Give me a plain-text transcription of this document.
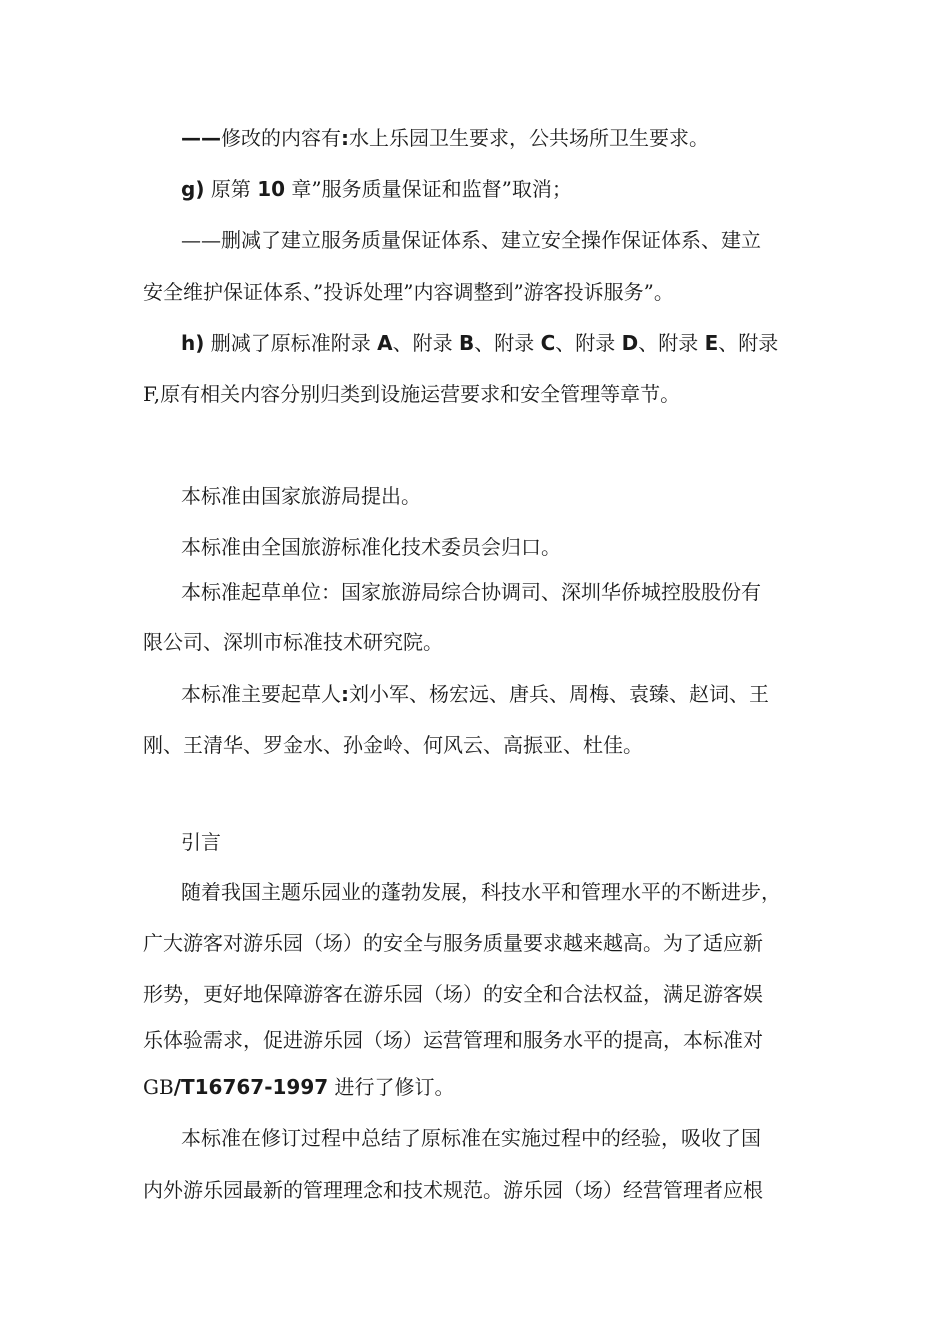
——修改的内容有:水上乐园卫生要求，公共场所卫生要求。

g) 原第 10 章”服务质量保证和监督”取消；

——删减了建立服务质量保证体系、建立安全操作保证体系、建立

安全维护保证体系、”投诉处理”内容调整到”游客投诉服务”。

h) 删减了原标准附录 A、附录 B、附录 C、附录 D、附录 E、附录

F,原有相关内容分别归类到设施运营要求和安全管理等章节。

本标准由国家旅游局提出。

本标准由全国旅游标准化技术委员会归口。

本标准起草单位：国家旅游局综合协调司、深圳华侨城控股股份有

限公司、深圳市标准技术研究院。

本标准主要起草人:刘小军、杨宏远、唐兵、周梅、袁臻、赵词、王

刚、王清华、罗金水、孙金岭、何风云、高振亚、杜佳。

引言

随着我国主题乐园业的蓬勃发展，科技水平和管理水平的不断进步，

广大游客对游乐园（场）的安全与服务质量要求越来越高。为了适应新

形势，更好地保障游客在游乐园（场）的安全和合法权益，满足游客娱

乐体验需求，促进游乐园（场）运营管理和服务水平的提高，本标准对

GB/T16767-1997 进行了修订。

本标准在修订过程中总结了原标准在实施过程中的经验，吸收了国

内外游乐园最新的管理理念和技术规范。游乐园（场）经营管理者应根
